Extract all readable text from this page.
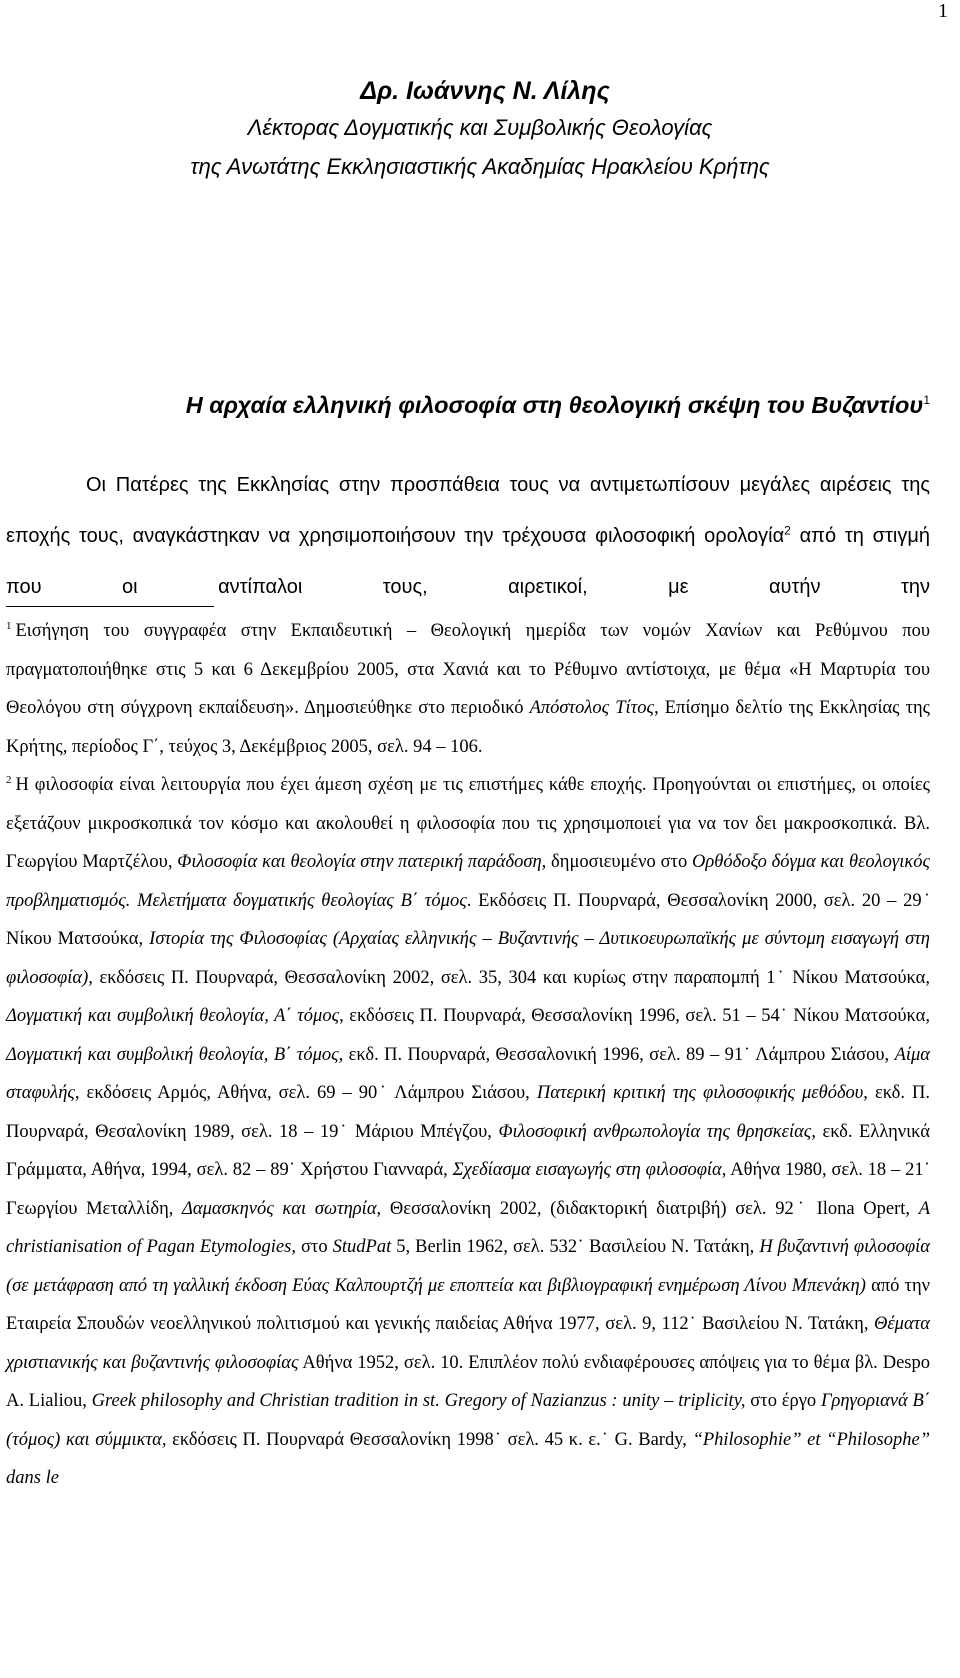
1
Δρ. Ιωάννης Ν. Λίλης
Λέκτορας Δογματικής και Συμβολικής Θεολογίας
της Ανωτάτης Εκκλησιαστικής Ακαδημίας Ηρακλείου Κρήτης
Η αρχαία ελληνική φιλοσοφία στη θεολογική σκέψη του Βυζαντίου$^1$

Οι Πατέρες της Εκκλησίας στην προσπάθεια τους να αντιμετωπίσουν μεγάλες αιρέσεις της εποχής τους, αναγκάστηκαν να χρησιμοποιήσουν την τρέχουσα φιλοσοφική ορολογία$^2$ από τη στιγμή που οι αντίπαλοι τους, αιρετικοί, με αυτήν την

$^1$ Εισήγηση του συγγραφέα στην Εκπαιδευτική – Θεολογική ημερίδα των νομών Χανίων και Ρεθύμνου που πραγματοποιήθηκε στις 5 και 6 Δεκεμβρίου 2005, στα Χανιά και το Ρέθυμνο αντίστοιχα, με θέμα «Η Μαρτυρία του Θεολόγου στη σύγχρονη εκπαίδευση». Δημοσιεύθηκε στο περιοδικό Απόστολος Τίτος, Επίσημο δελτίο της Εκκλησίας της Κρήτης, περίοδος Γ΄, τεύχος 3, Δεκέμβριος 2005, σελ. 94 – 106.

$^2$ Η φιλοσοφία είναι λειτουργία που έχει άμεση σχέση με τις επιστήμες κάθε εποχής. Προηγούνται οι επιστήμες, οι οποίες εξετάζουν μικροσκοπικά τον κόσμο και ακολουθεί η φιλοσοφία που τις χρησιμοποιεί για να τον δει μακροσκοπικά. Βλ. Γεωργίου Μαρτζέλου, Φιλοσοφία και θεολογία στην πατερική παράδοση, δημοσιευμένο στο Ορθόδοξο δόγμα και θεολογικός προβληματισμός. Μελετήματα δογματικής θεολογίας Β΄ τόμος. Εκδόσεις Π. Πουρναρά, Θεσσαλονίκη 2000, σελ. 20 – 29˙ Νίκου Ματσούκα, Ιστορία της Φιλοσοφίας (Αρχαίας ελληνικής – Βυζαντινής – Δυτικοευρωπαϊκής με σύντομη εισαγωγή στη φιλοσοφία), εκδόσεις Π. Πουρναρά, Θεσσαλονίκη 2002, σελ. 35, 304 και κυρίως στην παραπομπή 1˙ Νίκου Ματσούκα, Δογματική και συμβολική θεολογία, Α΄ τόμος, εκδόσεις Π. Πουρναρά, Θεσσαλονίκη 1996, σελ. 51 – 54˙ Νίκου Ματσούκα, Δογματική και συμβολική θεολογία, Β΄ τόμος, εκδ. Π. Πουρναρά, Θεσσαλονική 1996, σελ. 89 – 91˙ Λάμπρου Σιάσου, Αίμα σταφυλής, εκδόσεις Αρμός, Αθήνα, σελ. 69 – 90˙ Λάμπρου Σιάσου, Πατερική κριτική της φιλοσοφικής μεθόδου, εκδ. Π. Πουρναρά, Θεσαλονίκη 1989, σελ. 18 – 19˙ Μάριου Μπέγζου, Φιλοσοφική ανθρωπολογία της θρησκείας, εκδ. Ελληνικά Γράμματα, Αθήνα, 1994, σελ. 82 – 89˙ Χρήστου Γιανναρά, Σχεδίασμα εισαγωγής στη φιλοσοφία, Αθήνα 1980, σελ. 18 – 21˙ Γεωργίου Μεταλλίδη, Δαμασκηνός και σωτηρία, Θεσσαλονίκη 2002, (διδακτορική διατριβή) σελ. 92˙ Ilona Opert, A christianisation of Pagan Etymologies, στο StudPat 5, Berlin 1962, σελ. 532˙ Βασιλείου Ν. Τατάκη, Η βυζαντινή φιλοσοφία (σε μετάφραση από τη γαλλική έκδοση Εύας Καλπουρτζή με εποπτεία και βιβλιογραφική ενημέρωση Λίνου Μπενάκη) από την Εταιρεία Σπουδών νεοελληνικού πολιτισμού και γενικής παιδείας Αθήνα 1977, σελ. 9, 112˙ Βασιλείου Ν. Τατάκη, Θέματα χριστιανικής και βυζαντινής φιλοσοφίας Αθήνα 1952, σελ. 10. Επιπλέον πολύ ενδιαφέρουσες απόψεις για το θέμα βλ. Despo A. Lialiou, Greek philosophy and Christian tradition in st. Gregory of Nazianzus : unity – triplicity, στο έργο Γρηγοριανά Β΄ (τόμος) και σύμμικτα, εκδόσεις Π. Πουρναρά Θεσσαλονίκη 1998˙ σελ. 45 κ. ε.˙ G. Bardy, “Philosophie” et “Philosophe” dans le
